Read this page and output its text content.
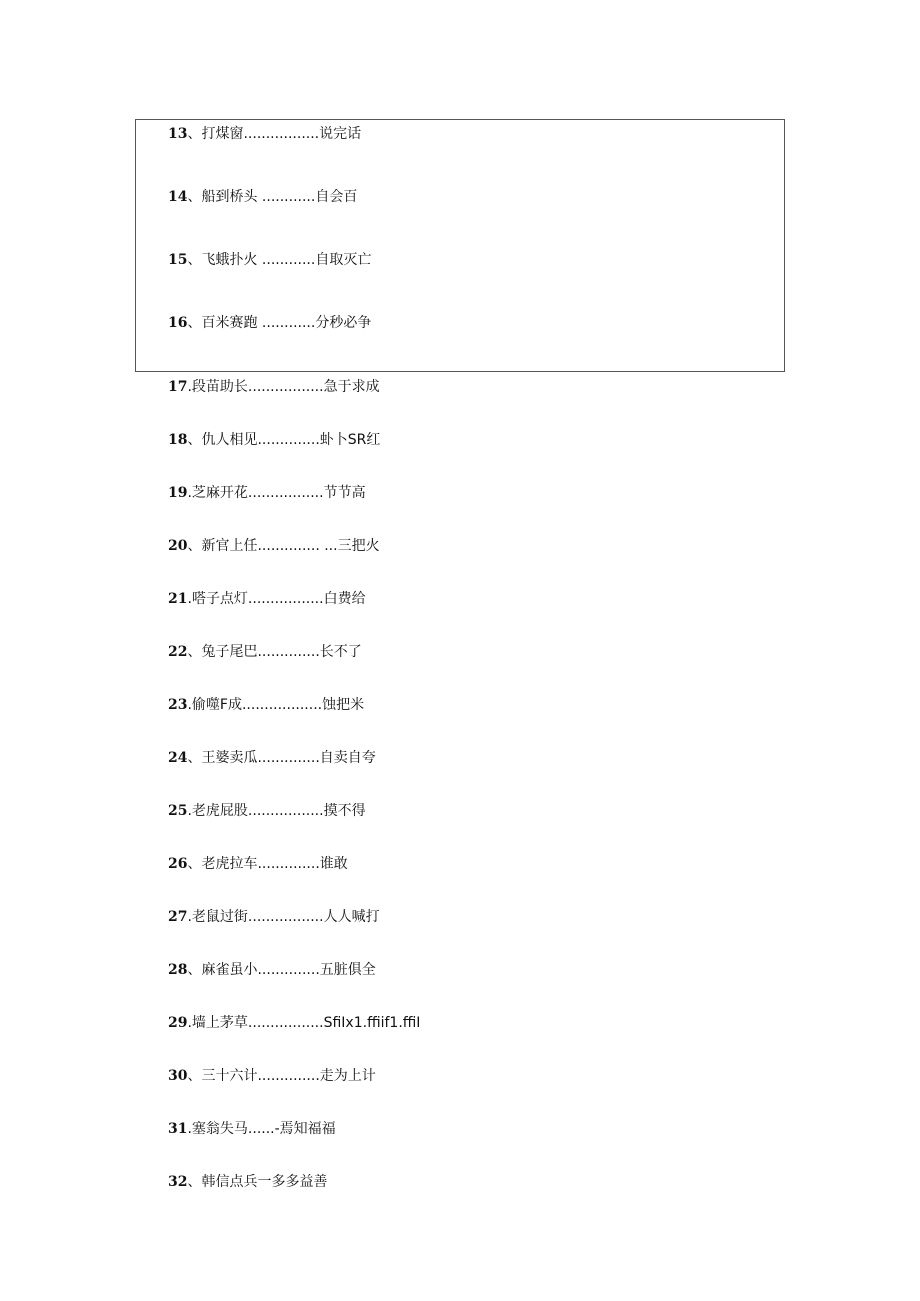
13、打煤窗.................说完话
14、船到桥头 ............自会百
15、飞蛾扑火 ............自取灭亡
16、百米赛跑 ............分秒必争
17.段苗助长.................急于求成
18、仇人相见..............虲卜SR红
19.芝麻开花.................节节高
20、新官上任.............. ...三把火
21.嗒子点灯.................白费给
22、兔子尾巴..............长不了
23.偷噬F成..................蚀把米
24、王婆卖瓜..............自卖自夸
25.老虎屁股.................摸不得
26、老虎拉车..............谁敢
27.老鼠过街.................人人喊打
28、麻雀虽小..............五脏俱全
29.墙上茅草.................SfiIx1.ffiif1.ffiI
30、三十六计..............走为上计
31.塞翁失马......-焉知福福
32、韩信点兵一多多益善
